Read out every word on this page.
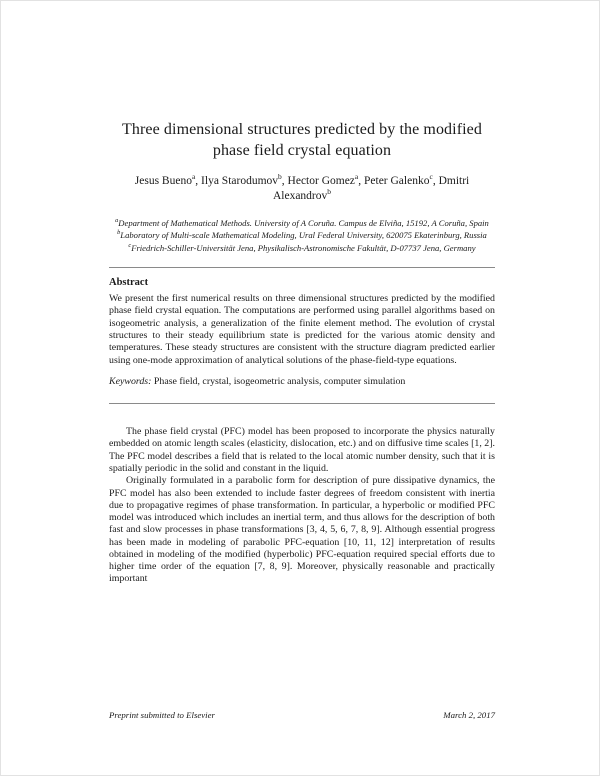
Three dimensional structures predicted by the modified phase field crystal equation
Jesus Bueno$^a$, Ilya Starodumov$^b$, Hector Gomez$^a$, Peter Galenko$^c$, Dmitri Alexandrov$^b$

$^a$Department of Mathematical Methods. University of A Coruña. Campus de Elviña, 15192, A Coruña, Spain

$^b$Laboratory of Multi-scale Mathematical Modeling, Ural Federal University, 620075 Ekaterinburg, Russia

$^c$Friedrich-Schiller-Universität Jena, Physikalisch-Astronomische Fakultät, D-07737 Jena, Germany

Abstract

We present the first numerical results on three dimensional structures predicted by the modified phase field crystal equation. The computations are performed using parallel algorithms based on isogeometric analysis, a generalization of the finite element method. The evolution of crystal structures to their steady equilibrium state is predicted for the various atomic density and temperatures. These steady structures are consistent with the structure diagram predicted earlier using one-mode approximation of analytical solutions of the phase-field-type equations.

Keywords: Phase field, crystal, isogeometric analysis, computer simulation

The phase field crystal (PFC) model has been proposed to incorporate the physics naturally embedded on atomic length scales (elasticity, dislocation, etc.) and on diffusive time scales [1, 2]. The PFC model describes a field that is related to the local atomic number density, such that it is spatially periodic in the solid and constant in the liquid.

Originally formulated in a parabolic form for description of pure dissipative dynamics, the PFC model has also been extended to include faster degrees of freedom consistent with inertia due to propagative regimes of phase transformation. In particular, a hyperbolic or modified PFC model was introduced which includes an inertial term, and thus allows for the description of both fast and slow processes in phase transformations [3, 4, 5, 6, 7, 8, 9]. Although essential progress has been made in modeling of parabolic PFC-equation [10, 11, 12] interpretation of results obtained in modeling of the modified (hyperbolic) PFC-equation required special efforts due to higher time order of the equation [7, 8, 9]. Moreover, physically reasonable and practically important

Preprint submitted to Elsevier	March 2, 2017
